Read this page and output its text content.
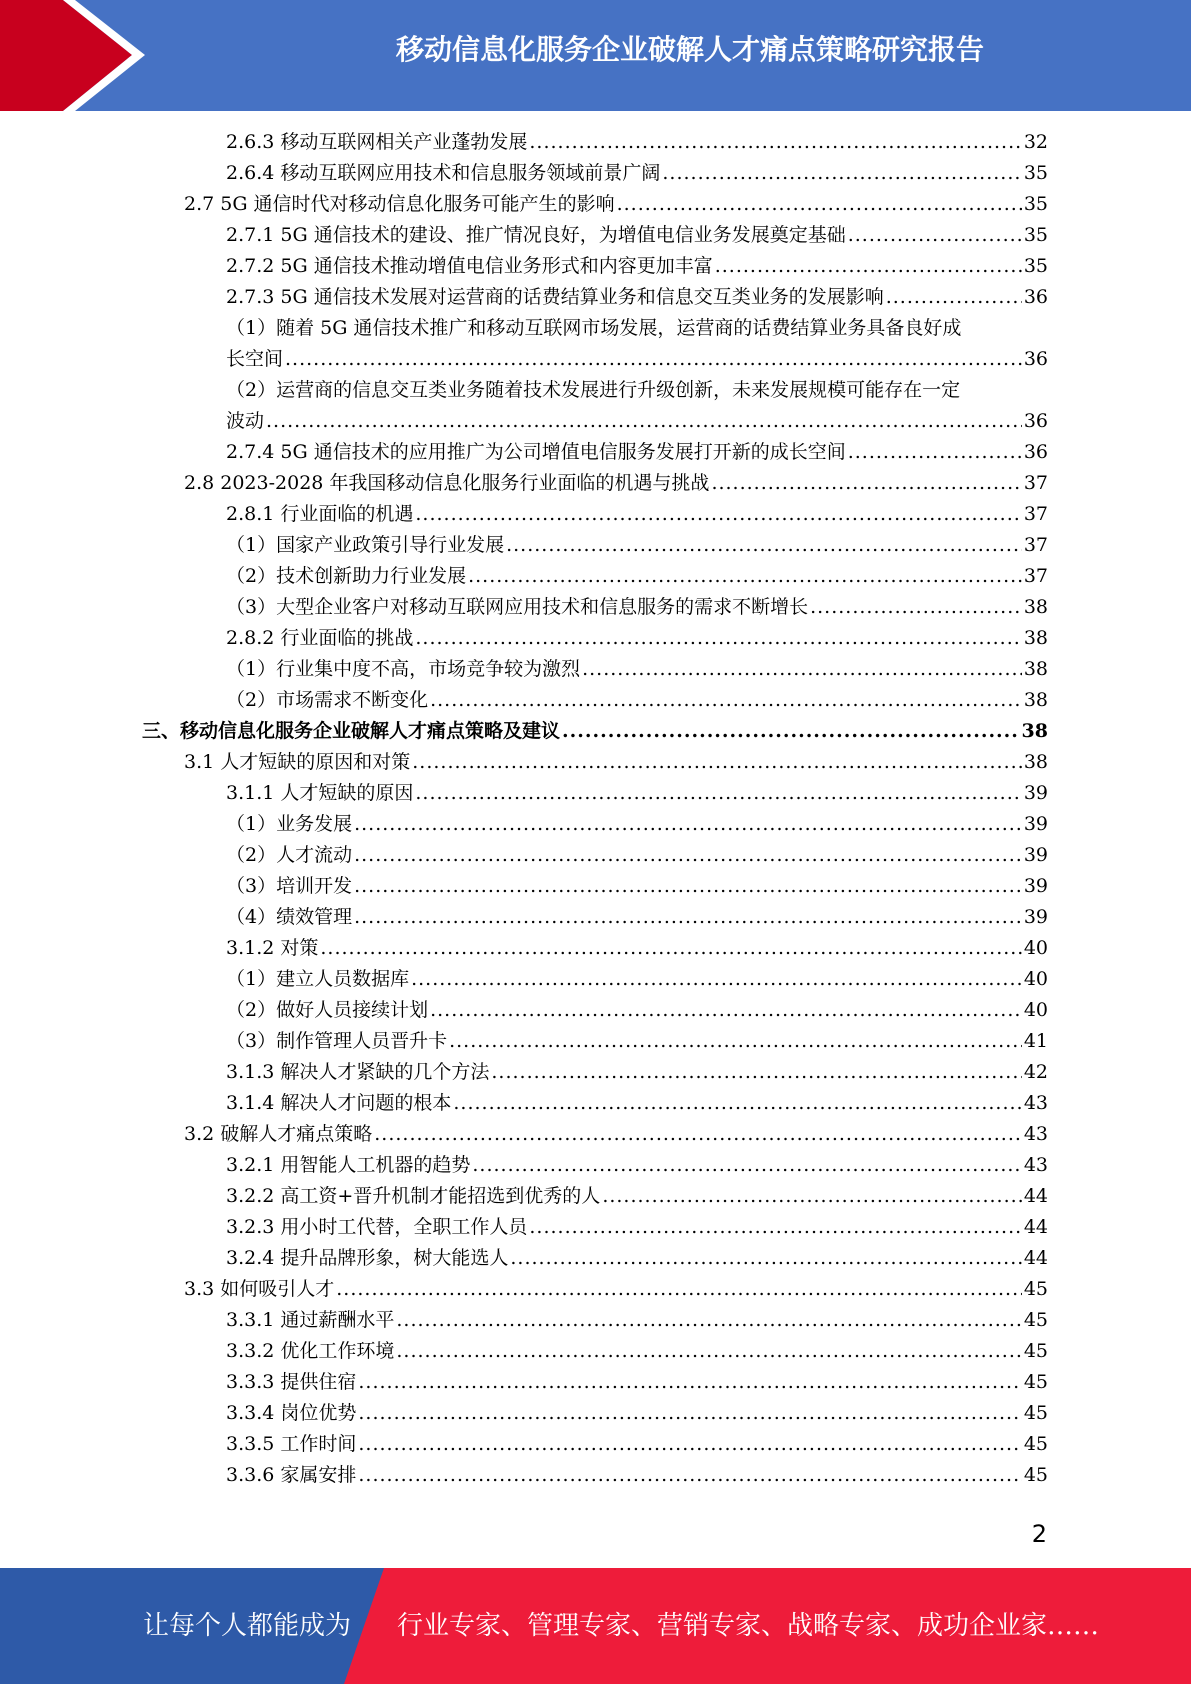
移动信息化服务企业破解人才痛点策略研究报告
2.6.3 移动互联网相关产业蓬勃发展 .....	32
2.6.4 移动互联网应用技术和信息服务领域前景广阔 .....	35
2.7 5G 通信时代对移动信息化服务可能产生的影响 .....	35
2.7.1 5G 通信技术的建设、推广情况良好，为增值电信业务发展奠定基础 .....	35
2.7.2 5G 通信技术推动增值电信业务形式和内容更加丰富 .....	35
2.7.3 5G 通信技术发展对运营商的话费结算业务和信息交互类业务的发展影响 .....	36
（1）随着 5G 通信技术推广和移动互联网市场发展，运营商的话费结算业务具备良好成
长空间 .....	36
（2）运营商的信息交互类业务随着技术发展进行升级创新，未来发展规模可能存在一定
波动 .....	36
2.7.4 5G 通信技术的应用推广为公司增值电信服务发展打开新的成长空间 .....	36
2.8 2023-2028 年我国移动信息化服务行业面临的机遇与挑战 .....	37
2.8.1 行业面临的机遇 .....	37
（1）国家产业政策引导行业发展 .....	37
（2）技术创新助力行业发展 .....	37
（3）大型企业客户对移动互联网应用技术和信息服务的需求不断增长 .....	38
2.8.2 行业面临的挑战 .....	38
（1）行业集中度不高，市场竞争较为激烈 .....	38
（2）市场需求不断变化 .....	38
三、移动信息化服务企业破解人才痛点策略及建议 .....	38
3.1 人才短缺的原因和对策 .....	38
3.1.1 人才短缺的原因 .....	39
（1）业务发展 .....	39
（2）人才流动 .....	39
（3）培训开发 .....	39
（4）绩效管理 .....	39
3.1.2 对策 .....	40
（1）建立人员数据库 .....	40
（2）做好人员接续计划 .....	40
（3）制作管理人员晋升卡 .....	41
3.1.3 解决人才紧缺的几个方法 .....	42
3.1.4 解决人才问题的根本 .....	43
3.2 破解人才痛点策略 .....	43
3.2.1 用智能人工机器的趋势 .....	43
3.2.2 高工资+晋升机制才能招选到优秀的人 .....	44
3.2.3 用小时工代替，全职工作人员 .....	44
3.2.4 提升品牌形象，树大能选人 .....	44
3.3 如何吸引人才 .....	45
3.3.1 通过薪酬水平 .....	45
3.3.2 优化工作环境 .....	45
3.3.3 提供住宿 .....	45
3.3.4 岗位优势 .....	45
3.3.5 工作时间 .....	45
3.3.6 家属安排 .....	45
2
让每个人都能成为 行业专家、管理专家、营销专家、战略专家、成功企业家……
